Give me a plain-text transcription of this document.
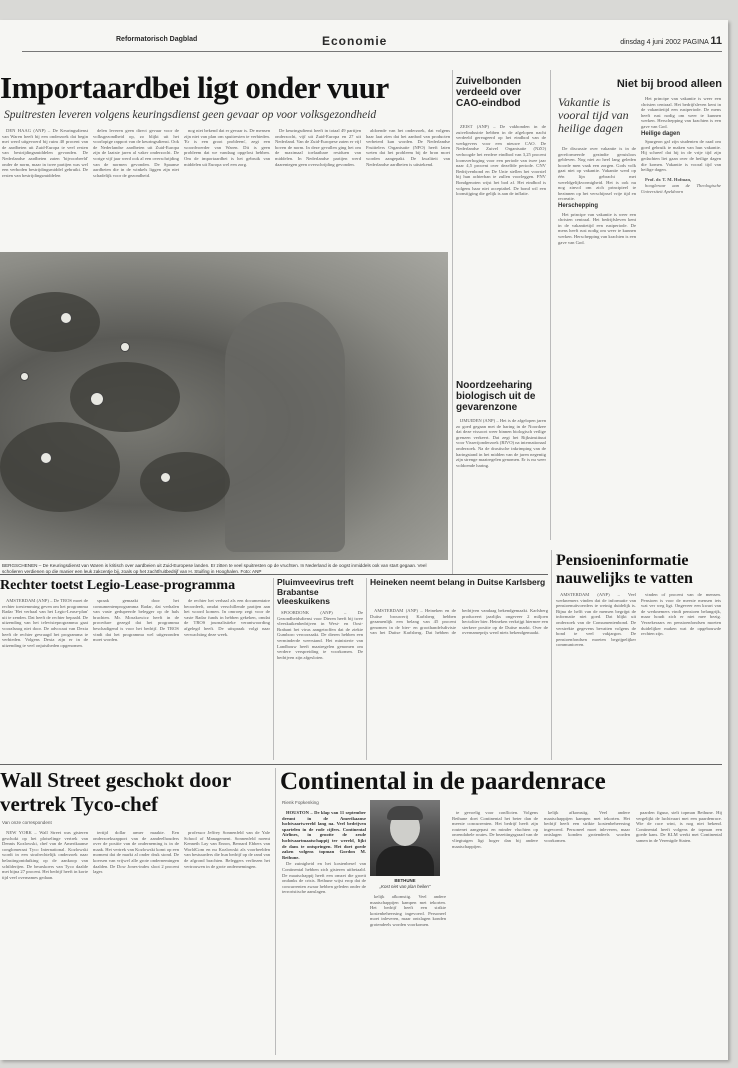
Reformatorisch Dagblad	Economie	dinsdag 4 juni 2002 PAGINA 11
Importaardbei ligt onder vuur
Spuitresten leveren volgens keuringsdienst geen gevaar op voor volksgezondheid

DEN HAAG (ANP) – De Keuringsdienst van Waren heeft bij een onderzoek dat begin mei werd uitgevoerd bij ruim 40 procent van de aardbeien uit Zuid-Europa te veel resten van bestrijdingsmiddelen gevonden. De Nederlandse aardbeien zaten 'bijvoorbeeld' onder de norm, maar in twee partijen was wel een verboden bestrijdingsmiddel gebruikt. De resten van bestrijdingsmiddelen

delen leveren geen direct gevaar voor de volksgezondheid op, zo blijkt uit het voorlopige rapport van de keuringsdienst. Ook de Nederlandse aardbeien uit Zuid-Europa zijn de laatste jaren al vaker onderzocht. De vorige vijf jaar werd ook al een overschrijding van de normen gevonden. De Spaanse aardbeien die in de winkels liggen zijn niet schadelijk voor de gezondheid.

nog niet bekend dat er gevaar is. De mensen zijn niet van plan om spuitresten te verbieden. 'Er is een groot probleem', zegt een woordvoerder van Waren. Dit is geen probleem dat we vandaag opgelost hebben. Om de importaardbei is het gebruik van middelen uit Europa wel een zorg.

De keuringsdienst heeft in totaal 49 partijen onderzocht, vijf uit Zuid-Europa en 27 uit Nederland. Van de Zuid-Europese zaten er vijf boven de norm. In deze gevallen ging het om de maximaal toelaatbare residuen van middelen. In Nederlandse partijen werd daarentegen geen overschrijding gevonden.

aldoende van het onderzoek, dat volgens haar laat zien dat het aanbod van producten verbeterd kan worden. De Nederlandse Fruittelers Organisatie (NFO) heeft laten weten dat het probleem bij de bron moet worden aangepakt. De kwaliteit van Nederlandse aardbeien is uitstekend.

BERGSCHENEN – De Keuringsdienst van Waren is kritisch over aardbeien uit Zuid-Europese landen. Er zitten te veel spuitresten op de vruchten. In Nederland is de oogst inmiddels ook van start gegaan. Veel scholieren verdienen op die manier een leuk zakcentje bij, zoals op het zachtfruitbedrijf van H. Stuifing in Hooghalen. Foto: ANP
Zuivelbonden verdeeld over CAO-eindbod

ZEIST (ANP) – De vakbonden in de zuivelindustrie hebben in de afgelopen nacht verdeeld gereageerd op het eindbod van de werkgevers voor een nieuwe CAO. De Nederlandse Zuivel Organisatie (NZO) verhoogde het eerdere eindbod van 3,25 procent loonsverhoging voor een periode van twee jaar naar 4,5 procent over dezelfde periode. CNV Bedrijvenbond en De Unie stellen het voorstel bij hun achterban te zullen voorleggen. FNV Bondgenoten wijst het bod af. Het eindbod is volgens haar niet acceptabel. De bond wil een loonstijging die gelijk is aan de inflatie.

Noordzeeharing biologisch uit de gevarenzone

IJMUIDEN (ANP) – Het is de afgelopen jaren zo goed gegaan met de haring in de Noordzee dat deze vissoort weer binnen biologisch veilige grenzen verkeert. Dat zegt het Rijksinstituut voor Visserijonderzoek (RIVO) na internationaal onderzoek. Na de drastische inkrimping van de haringstand in het midden van de jaren negentig zijn strenge maatregelen genomen. Er is nu weer voldoende haring.

Niet bij brood alleen
Vakantie is vooral tijd van heilige dagen

De discussie over vakantie is in de gereformeerde gezindte geruisloos gebleven. Nog niet zo heel lang geleden hoorde men vaak een zorgen. Gods volk gaat niet op vakantie. Vakantie werd op één lijn gebracht met wereldgelijkvormigheid. Het is ook nu nog zinvol om zich principieel te bezinnen op het verschijnsel vrije tijd en recreatie.

Herschepping

Het principe van vakantie is weer een christen centraal. Het bedrijfsleven kent in de vakantietijd een rustperiode. De mens heeft rust nodig om weer te kunnen werken. Herschepping van krachten is een gave van God.

Het principe van vakantie is weer een christen centraal. Het bedrijfsleven kent in de vakantietijd een rustperiode. De mens heeft rust nodig om weer te kunnen werken. Herschepping van krachten is een gave van God.

Heilige dagen

Spurgeon gaf zijn studenten de raad om goed gebruik te maken van hun vakantie. Hij schreef dat hij in de vrije tijd zijn gedachten liet gaan over de heilige dagen die komen. Vakantie is vooral tijd van heilige dagen.

Prof. dr. T. M. Hofman,

hoogleraar aan de Theologische Universiteit Apeldoorn

Rechter toetst Legio-Lease-programma

AMSTERDAM (ANP) – De TROS moet de rechter toestemming geven om het programma Radar 'Het verhaal van het Legio-Lease-plan' uit te zenden. Dat heeft de rechter bepaald. De uitzending van het televisieprogramma gaat vooralsnog niet door. De advocaat van Dexia heeft de rechter gevraagd het programma te verbieden. Volgens Dexia zijn er in de uitzending te veel onjuistheden opgenomen.

spraak gemaakt door het consumentenprogramma Radar, dat verhalen van vaste gedupeerde belegger op de hals brachten. Mr. Moszkowicz heeft in de procedure gezegd dat het programma beschadigend is voor het bedrijf. De TROS vindt dat het programma wel uitgezonden moet worden.

de rechter het verhaal als een documentaire beoordeelt, omdat verschillende partijen aan het woord komen. In omroep zegt voor de vaste Radar funds in hebben gekeken, omdat de TROS journalistieke verantwoording afgelegd heeft. De uitspraak volgt naar verwachting deze week.

Pluimveevirus treft Brabantse vleeskuikens

SPOORDONK (ANP) – De Gezondheidsdienst voor Dieren heeft bij twee vleeskuikenbedrijven in West- en Oost-Brabant het virus aangetroffen dat de ziekte Gumboro veroorzaakt. De dieren hebben een verminderde weerstand. Het ministerie van Landbouw heeft maatregelen genomen om verdere verspreiding te voorkomen. De bedrijven zijn afgesloten.

Heineken neemt belang in Duitse Karlsberg

AMSTERDAM (ANP) – Heineken en de Duitse brouwerij Karlsberg hebben gezamenlijk een belang van 45 procent genomen in de bier- en groothandelsdivisie van het Duitse Karlsberg. Dat hebben de bedrijven vandaag bekendgemaakt. Karlsberg produceert jaarlijks ongeveer 2 miljoen hectoliter bier. Heineken verkrijgt hiermee een sterkere positie op de Duitse markt. Over de overnameprijs werd niets bekendgemaakt.

Pensioeninformatie nauwelijks te vatten

AMSTERDAM (ANP) – Veel werknemers vinden dat de informatie van pensioenuitvoerders te weinig duidelijk is. Bijna de helft van de mensen begrijpt de informatie niet goed. Dat blijkt uit onderzoek van de Consumentenbond. De verstrekte gegevens bevatten volgens de bond te veel vakjargon. De pensioenfondsen moeten begrijpelijker communiceren.

vinden of procent van de mensen. Pensioen is voor de meeste mensen iets wat ver weg ligt. Ongeveer een kwart van de werknemers vindt pensioen belangrijk, maar houdt zich er niet mee bezig. Verzekeraars en pensioenfondsen moeten duidelijker maken wat de opgebouwde rechten zijn.

Wall Street geschokt door vertrek Tyco-chef
Van onze correspondent

NEW YORK – Wall Street was gisteren geschokt op het plotselinge vertrek van Dennis Kozlowski, chef van de Amerikaanse conglomeraat Tyco International. Kozlowski wordt in een strafrechtelijk onderzoek naar belastingontduiking op de aankoop van schilderijen. De beurskoers van Tyco daalde met bijna 27 procent. Het bedrijf heeft in korte tijd veel overnames gedaan.

tertijd dollar armer maakte. Een onderzoeksrapport van de aandeelhouders over de positie van de onderneming is in de maak. Het vertrek van Kozlowski komt op een moment dat de markt al onder druk stond. De koersen van vrijwel alle grote ondernemingen daalden. De Dow Jones-index sloot 2 procent lager.

professor Jeffrey Sonnenfeld van de Yale School of Management. Sonnenfeld noemt Kenneth Lay van Enron, Bernard Ebbers van WorldCom en nu Kozlowski als voorbeelden van bestuurders die hun bedrijf op de rand van de afgrond brachten. Beleggers verliezen het vertrouwen in de grote ondernemingen.

Continental in de paardenrace
Rienk Fopkenking

HOUSTON – De klap van 11 september dreunt in de Amerikaanse luchtvaartwereld lang na. Veel bedrijven spartelen in de rode cijfers. Continental Airlines, in grootte de zesde luchtvaartmaatschappij ter wereld, lijkt de dans te ontspringen. Het doet goede zaken volgens topman Gordon M. Bethune.

De zuinigheid en het kostenbesef van Continental hebben zich gisteren uitbetaald. De maatschappij heeft een omzet die groeit ondanks de crisis. Bethune wijst erop dat de concurrenten zwaar hebben geleden onder de terroristische aanslagen.

BETHUNE
„Kost niet van plan heilen"

kelijk afkomstig. Veel andere maatschappijen kampen met tekorten. Het bedrijf heeft een strikte kostenbeheersing ingevoerd. Personeel moet inleveren, maar ontslagen konden grotendeels worden voorkomen.

te gevoelig voor conflicten. Volgens Bethune doet Continental het beter dan de meeste concurrenten. Het bedrijf heeft zijn routenet aangepast en minder vluchten op onrendabele routes. De bezettingsgraad van de vliegtuigen ligt hoger dan bij andere maatschappijen.

kelijk afkomstig. Veel andere maatschappijen kampen met tekorten. Het bedrijf heeft een strikte kostenbeheersing ingevoerd. Personeel moet inleveren, maar ontslagen konden grotendeels worden voorkomen.

paarden figuur, stelt topman Bethune. Hij vergelijkt de luchtvaart met een paardenrace. Wie de race wint, is nog niet bekend. Continental heeft volgens de topman een goede kans. De KLM werkt met Continental samen in de Verenigde Staten.
